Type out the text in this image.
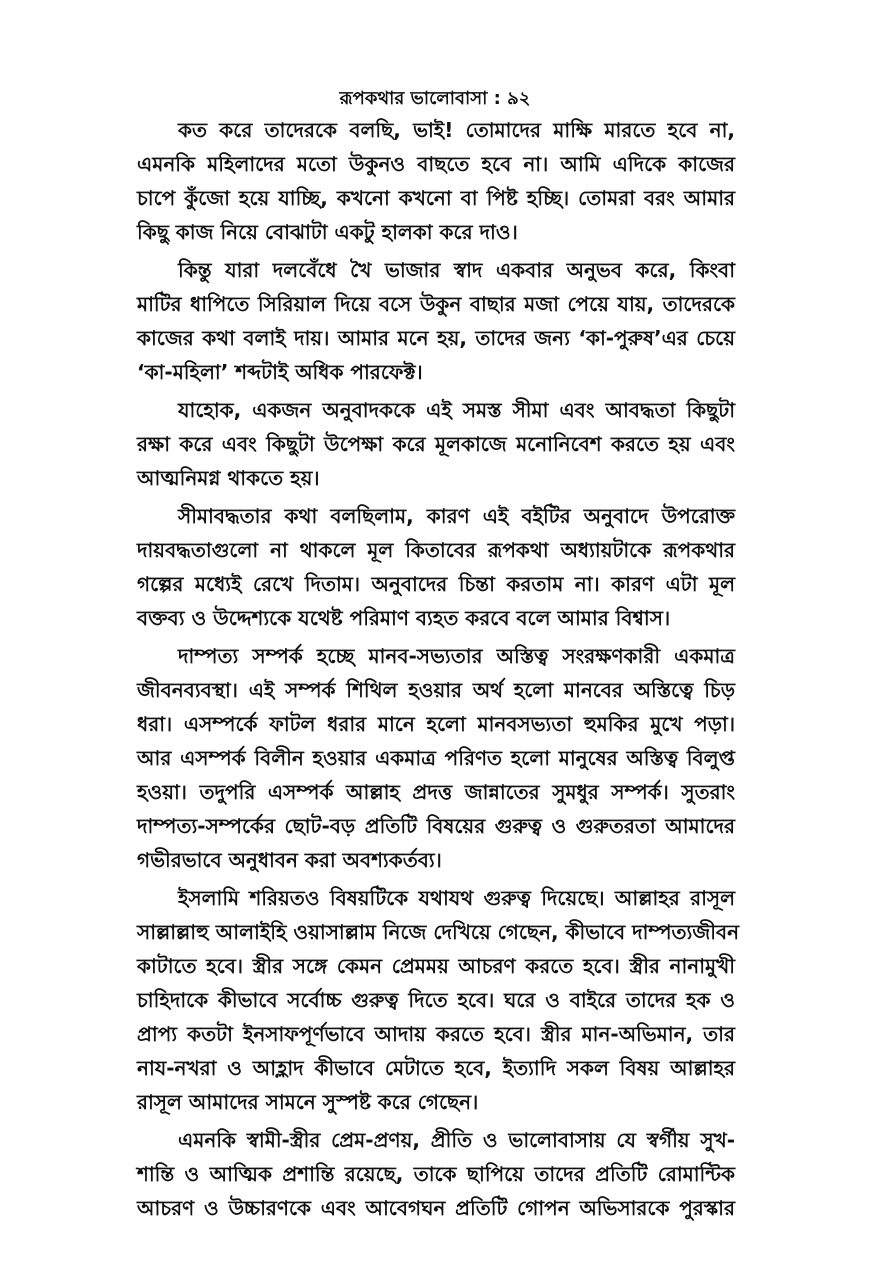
রূপকথার ভালোবাসা : ৯২
কত করে তাদেরকে বলছি, ভাই! তোমাদের মাক্ষি মারতে হবে না,
এমনকি মহিলাদের মতো উকুনও বাছতে হবে না। আমি এদিকে কাজের
চাপে কুঁজো হয়ে যাচ্ছি, কখনো কখনো বা পিষ্ট হচ্ছি। তোমরা বরং আমার
কিছু কাজ নিয়ে বোঝাটা একটু হালকা করে দাও।
কিন্তু যারা দলবেঁধে খৈ ভাজার স্বাদ একবার অনুভব করে, কিংবা
মাটির ধাপিতে সিরিয়াল দিয়ে বসে উকুন বাছার মজা পেয়ে যায়, তাদেরকে
কাজের কথা বলাই দায়। আমার মনে হয়, তাদের জন্য ‘কা-পুরুষ’এর চেয়ে
‘কা-মহিলা’ শব্দটাই অধিক পারফেক্ট।
যাহোক, একজন অনুবাদককে এই সমস্ত সীমা এবং আবদ্ধতা কিছুটা
রক্ষা করে এবং কিছুটা উপেক্ষা করে মূলকাজে মনোনিবেশ করতে হয় এবং
আত্মনিমগ্ন থাকতে হয়।
সীমাবদ্ধতার কথা বলছিলাম, কারণ এই বইটির অনুবাদে উপরোক্ত
দায়বদ্ধতাগুলো না থাকলে মূল কিতাবের রূপকথা অধ্যায়টাকে রূপকথার
গল্পের মধ্যেই রেখে দিতাম। অনুবাদের চিন্তা করতাম না। কারণ এটা মূল
বক্তব্য ও উদ্দেশ্যকে যথেষ্ট পরিমাণ ব্যহত করবে বলে আমার বিশ্বাস।
দাম্পত্য সম্পর্ক হচ্ছে মানব-সভ্যতার অস্তিত্ব সংরক্ষণকারী একমাত্র
জীবনব্যবস্থা। এই সম্পর্ক শিথিল হওয়ার অর্থ হলো মানবের অস্তিত্বে চিড়
ধরা। এসম্পর্কে ফাটল ধরার মানে হলো মানবসভ্যতা হুমকির মুখে পড়া।
আর এসম্পর্ক বিলীন হওয়ার একমাত্র পরিণত হলো মানুষের অস্তিত্ব বিলুপ্ত
হওয়া। তদুপরি এসম্পর্ক আল্লাহ প্রদত্ত জান্নাতের সুমধুর সম্পর্ক। সুতরাং
দাম্পত্য-সম্পর্কের ছোট-বড় প্রতিটি বিষয়ের গুরুত্ব ও গুরুতরতা আমাদের
গভীরভাবে অনুধাবন করা অবশ্যকর্তব্য।
ইসলামি শরিয়তও বিষয়টিকে যথাযথ গুরুত্ব দিয়েছে। আল্লাহর রাসূল
সাল্লাল্লাহু আলাইহি ওয়াসাল্লাম নিজে দেখিয়ে গেছেন, কীভাবে দাম্পত্যজীবন
কাটাতে হবে। স্ত্রীর সঙ্গে কেমন প্রেমময় আচরণ করতে হবে। স্ত্রীর নানামুখী
চাহিদাকে কীভাবে সর্বোচ্চ গুরুত্ব দিতে হবে। ঘরে ও বাইরে তাদের হক ও
প্রাপ্য কতটা ইনসাফপূর্ণভাবে আদায় করতে হবে। স্ত্রীর মান-অভিমান, তার
নায-নখরা ও আহ্লাদ কীভাবে মেটাতে হবে, ইত্যাদি সকল বিষয় আল্লাহর
রাসূল আমাদের সামনে সুস্পষ্ট করে গেছেন।
এমনকি স্বামী-স্ত্রীর প্রেম-প্রণয়, প্রীতি ও ভালোবাসায় যে স্বর্গীয় সুখ-
শান্তি ও আত্মিক প্রশান্তি রয়েছে, তাকে ছাপিয়ে তাদের প্রতিটি রোমান্টিক
আচরণ ও উচ্চারণকে এবং আবেগঘন প্রতিটি গোপন অভিসারকে পুরস্কার
